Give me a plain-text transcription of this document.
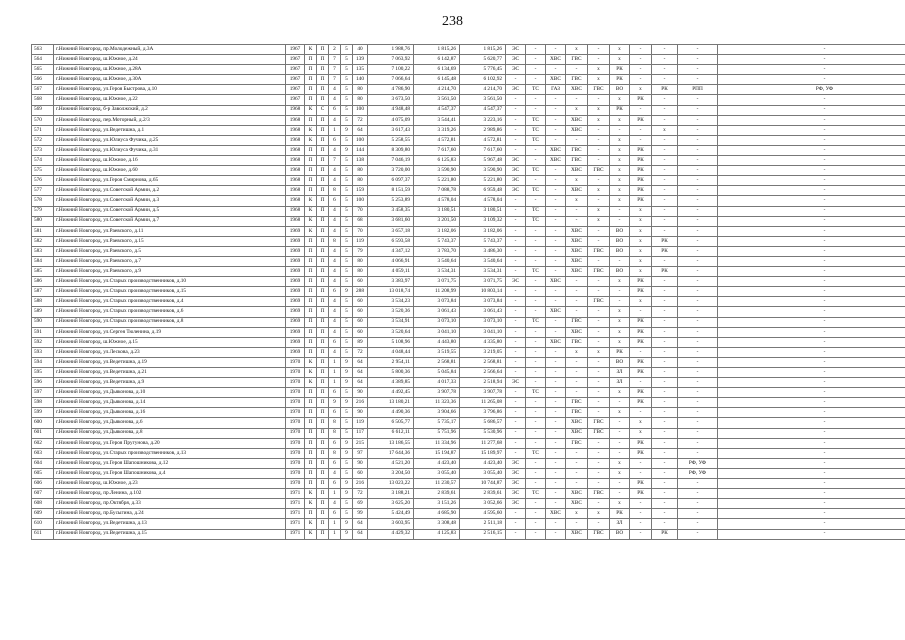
238
563	г.Нижний Новгород, пр.Молодежный, д.3А	1967	К	П	2	5	40	1 988,76	1 815,26	1 815,26	ЭС	-	-	х	-	х	-	-	-	-	
564	г.Нижний Новгород, ш.Южное, д.24	1967	П	П	7	5	139	7 063,92	6 142,87	5 620,77	ЭС	-	ХВС	ГВС	-	х	-	-	-	-	
565	г.Нижний Новгород, ш.Южное, д.28А	1967	П	П	7	5	135	7 100,22	6 134,69	5 776,45	ЭС	-	-	-	х	РК	-	-	-	-	
566	г.Нижний Новгород, ш.Южное, д.30А	1967	П	П	7	5	140	7 066,64	6 145,48	6 102,92	-	-	ХВС	ГВС	х	РК	-	-	-	-	
567	г.Нижний Новгород, ул.Героя Быстрова, д.10	1967	П	П	4	5	80	4 786,90	4 214,70	4 214,70	ЭС	ТС	ГАЗ	ХВС	ГВС	ВО	х	РК	РПП	РФ, УФ	
568	г.Нижний Новгород, ш.Южное, д.22	1967	П	П	4	5	80	3 673,50	3 561,50	3 561,50	-	-	-	-	-	х	РК	-	-	-	
569	г.Нижний Новгород, б-р Заволжский, д.2	1968	К	С	6	5	100	4 948,48	4 547,37	4 547,37	-	-	-	х	х	РК	-	-	-	-	
570	г.Нижний Новгород, пер.Моторный, д.2/3	1968	П	П	4	5	72	4 075,09	3 544,41	3 223,16	-	ТС	-	ХВС	х	х	РК	-	-	-	
571	г.Нижний Новгород, ул.Ведетишна, д.1	1968	К	П	1	9	64	3 617,43	3 319,26	2 989,86	-	ТС	-	ХВС	-	-	-	х	-	-	
572	г.Нижний Новгород, ул.Юлиуса Фучика, д.25	1968	К	П	6	5	100	5 258,55	4 572,81	4 572,81	-	ТС	-	-	-	х	-	-	-	-	
573	г.Нижний Новгород, ул.Юлиуса Фучика, д.31	1968	П	П	4	9	144	8 309,80	7 617,60	7 617,60	-	-	ХВС	ГВС	-	х	РК	-	-	-	
574	г.Нижний Новгород, ш.Южное, д.16	1968	П	П	7	5	138	7 046,19	6 125,83	5 967,48	ЭС	-	ХВС	ГВС	-	х	РК	-	-	-	
575	г.Нижний Новгород, ш.Южное, д.60	1968	П	П	4	5	80	3 720,00	3 590,90	3 590,90	ЭС	ТС	-	ХВС	ГВС	х	РК	-	-	-	
576	г.Нижний Новгород, ул.Героя Смирнова, д.65	1968	П	П	4	5	80	6 097,37	5 221,80	5 221,80	ЭС	-	-	х	-	х	РК	-	-	-	
577	г.Нижний Новгород, ул.Советской Армии, д.2	1968	П	П	8	5	159	8 151,59	7 088,78	6 959,48	ЭС	ТС	-	ХВС	х	х	РК	-	-	-	
578	г.Нижний Новгород, ул.Советской Армии, д.3	1968	К	П	6	5	100	5 253,89	4 578,04	4 578,04	-	-	-	х	-	х	РК	-	-	-	
579	г.Нижний Новгород, ул.Советской Армии, д.5	1968	К	П	4	5	70	3 458,35	3 180,51	3 180,51	-	ТС	-	-	х	-	х	-	-	-	
580	г.Нижний Новгород, ул.Советской Армии, д.7	1968	К	П	4	5	68	3 681,60	3 201,50	3 109,32	-	ТС	-	-	х	-	х	-	-	-	
581	г.Нижний Новгород, ул.Раевского, д.11	1969	К	П	4	5	70	3 657,18	3 182,06	3 182,06	-	-	-	ХВС	-	ВО	х	-	-	-	
582	г.Нижний Новгород, ул.Раевского, д.15	1969	П	П	8	5	119	6 593,58	5 743,37	5 743,37	-	-	-	ХВС	-	ВО	х	РК	-	-	
583	г.Нижний Новгород, ул.Раевского, д.5	1969	П	П	4	5	79	4 347,12	3 783,70	3 486,30	-	-	-	ХВС	ГВС	ВО	х	РК	-	-	
584	г.Нижний Новгород, ул.Раевского, д.7	1969	П	П	4	5	80	4 066,91	3 540,64	3 540,64	-	-	-	ХВС	-	-	х	-	-	-	
585	г.Нижний Новгород, ул.Раевского, д.9	1969	П	П	4	5	80	4 059,11	3 534,31	3 534,31	-	ТС	-	ХВС	ГВС	ВО	х	РК	-	-	
586	г.Нижний Новгород, ул.Старых производственников, д.10	1969	П	П	4	5	60	3 383,97	3 071,75	3 071,75	ЭС	-	ХВС	-	-	х	РК	-	-	-	
587	г.Нижний Новгород, ул.Старых производственников, д.15	1969	П	П	6	9	288	13 018,74	11 208,99	10 803,14	-	-	-	-	-	-	РК	-	-	-	
588	г.Нижний Новгород, ул.Старых производственников, д.4	1969	П	П	4	5	60	3 534,23	3 073,84	3 073,84	-	-	-	-	ГВС	-	х	-	-	-	
589	г.Нижний Новгород, ул.Старых производственников, д.6	1969	П	П	4	5	60	3 520,36	3 061,43	3 061,43	-	-	ХВС	-	-	х	-	-	-	-	
590	г.Нижний Новгород, ул.Старых производственников, д.8	1969	П	П	4	5	60	3 534,91	3 073,10	3 073,10	-	ТС	-	ГВС	-	х	РК	-	-	-	
591	г.Нижний Новгород, ул.Сергея Тюленина, д.19	1969	П	П	4	5	60	3 520,64	3 041,10	3 041,10	-	-	-	ХВС	-	х	РК	-	-	-	
592	г.Нижний Новгород, ш.Южное, д.15	1969	П	П	6	5	89	5 108,96	4 443,80	4 335,80	-	-	ХВС	ГВС	-	х	РК	-	-	-	
593	г.Нижний Новгород, ул.Лескова, д.23	1969	П	П	4	5	72	4 048,44	3 519,55	3 219,05	-	-	-	х	х	РК	-	-	-	-	
594	г.Нижний Новгород, ул.Ведетишна, д.19	1970	К	П	1	9	64	2 954,11	2 568,81	2 568,81	-	-	-	-	-	ВО	РК	-	-	-	
595	г.Нижний Новгород, ул.Ведетишна, д.21	1970	К	П	1	9	64	5 800,36	5 045,84	2 566,64	-	-	-	-	-	ЗЛ	РК	-	-	-	
596	г.Нижний Новгород, ул.Ведетишна, д.9	1970	К	П	1	9	64	4 389,85	4 017,33	2 518,94	ЭС	-	-	-	-	ЗЛ	-	-	-	-	
597	г.Нижний Новгород, ул.Дьяконова, д.10	1970	П	П	6	5	90	4 492,45	3 907,78	3 907,78	-	ТС	-	-	-	х	РК	-	-	-	
598	г.Нижний Новгород, ул.Дьяконова, д.14	1970	П	П	9	9	216	13 180,21	11 323,36	11 265,08	-	-	-	ГВС	-	-	РК	-	-	-	
599	г.Нижний Новгород, ул.Дьяконова, д.16	1970	П	П	6	5	90	4 490,36	3 904,66	3 796,86	-	-	-	ГВС	-	х	-	-	-	-	
600	г.Нижний Новгород, ул.Дьяконова, д.6	1970	П	П	8	5	119	6 505,77	5 735,17	5 686,57	-	-	-	ХВС	ГВС	-	х	-	-	-	
601	г.Нижний Новгород, ул.Дьяконова, д.8	1970	П	П	8	5	117	6 612,11	5 751,96	5 530,96	-	-	-	ХВС	ГВС	-	х	-	-	-	
602	г.Нижний Новгород, ул.Героя Пругунова, д.20	1970	П	П	6	9	215	13 186,55	11 334,96	11 277,68	-	-	-	ГВС	-	-	РК	-	-	-	
603	г.Нижний Новгород, ул.Старых производственников, д.13	1970	П	П	8	9	97	17 644,36	15 194,87	15 189,97	-	ТС	-	-	-	-	РК	-	-	-	
604	г.Нижний Новгород, ул.Героя Шапошникова, д.12	1970	П	П	6	5	90	4 521,20	4 423,40	4 423,40	ЭС	-	-	-	-	х	-	-	РФ, УФ	-	
605	г.Нижний Новгород, ул.Героя Шапошникова, д.4	1970	П	П	4	5	60	3 204,50	3 055,40	3 055,40	ЭС	-	-	-	-	х	-	-	РФ, УФ	-	
606	г.Нижний Новгород, ш.Южное, д.23	1970	П	П	6	9	216	13 023,22	11 230,57	10 744,87	ЭС	-	-	-	-	-	РК	-	-	-	
607	г.Нижний Новгород, пр.Ленина, д.102	1971	К	П	1	9	72	3 188,21	2 839,61	2 839,61	ЭС	ТС	-	ХВС	ГВС	-	РК	-	-	-	
608	г.Нижний Новгород, пр.Октября, д.33	1971	К	П	4	5	69	3 625,20	3 151,26	3 052,66	ЭС	-	-	ХВС	-	х	-	-	-	-	
609	г.Нижний Новгород, пр.Бусыгина, д.24	1971	П	П	6	5	99	5 424,49	4 685,90	4 595,60	-	-	ХВС	х	х	РК	-	-	-	-	
610	г.Нижний Новгород, ул.Ведетишна, д.13	1971	К	П	1	9	64	3 603,95	3 308,48	2 511,18	-	-	-	-	-	ЗЛ	-	-	-	-	
611	г.Нижний Новгород, ул.Ведетишна, д.15	1971	К	П	1	9	64	4 429,32	4 125,83	2 516,15	-	-	-	ХВС	ГВС	ВО	-	РК	-	-	
